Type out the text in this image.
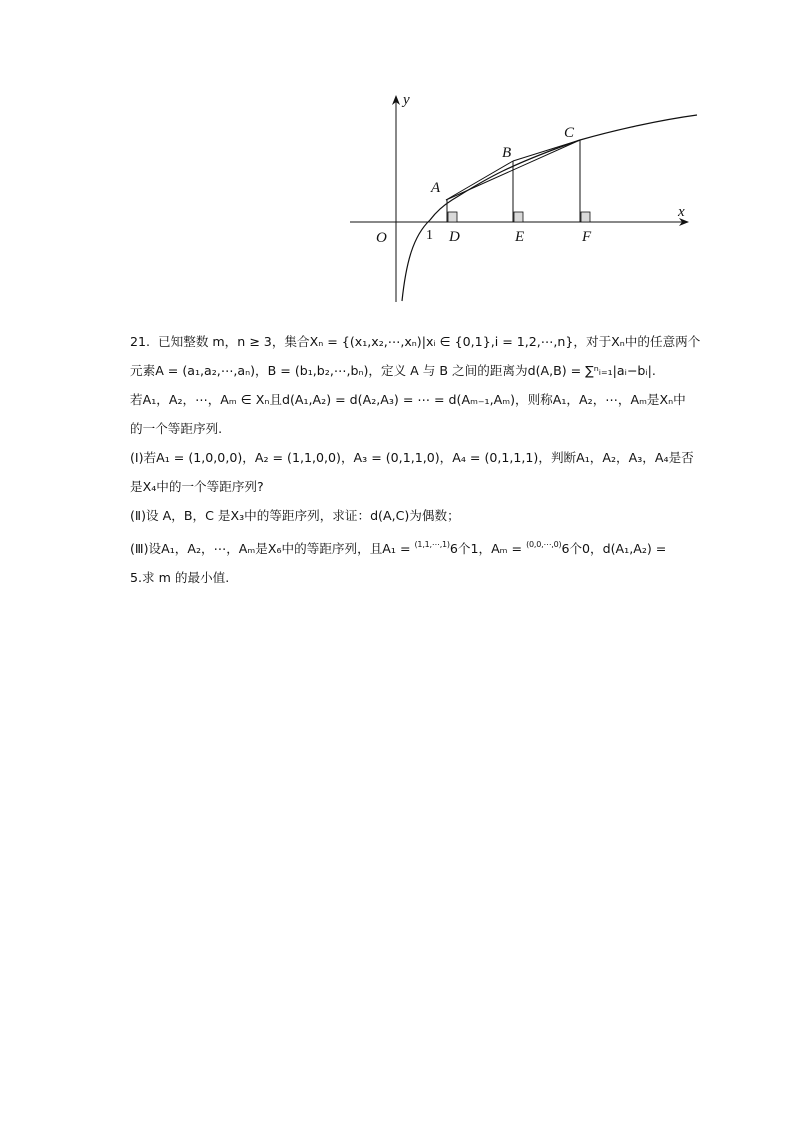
y
x
O	1
A
B
C
D	E	F
21. 已知整数 m，n ≥ 3，集合Xₙ = {(x₁,x₂,⋯,xₙ)|xᵢ ∈ {0,1},i = 1,2,⋯,n}，对于Xₙ中的任意两个
元素A = (a₁,a₂,⋯,aₙ)，B = (b₁,b₂,⋯,bₙ)，定义 A 与 B 之间的距离为d(A,B) = ∑ⁿᵢ₌₁|aᵢ−bᵢ|.
若A₁，A₂，⋯，Aₘ ∈ Xₙ且d(A₁,A₂) = d(A₂,A₃) = ⋯ = d(Aₘ₋₁,Aₘ)，则称A₁，A₂，⋯，Aₘ是Xₙ中
的一个等距序列.
(Ⅰ)若A₁ = (1,0,0,0)，A₂ = (1,1,0,0)，A₃ = (0,1,1,0)，A₄ = (0,1,1,1)，判断A₁，A₂，A₃，A₄是否
是X₄中的一个等距序列?
(Ⅱ)设 A，B，C 是X₃中的等距序列，求证：d(A,C)为偶数；
(Ⅲ)设A₁，A₂，⋯，Aₘ是X₆中的等距序列，且A₁ = $^{(1,1,\cdots,1)}$6个1，Aₘ = $^{(0,0,\cdots,0)}$6个0，d(A₁,A₂) =
5.求 m 的最小值.
